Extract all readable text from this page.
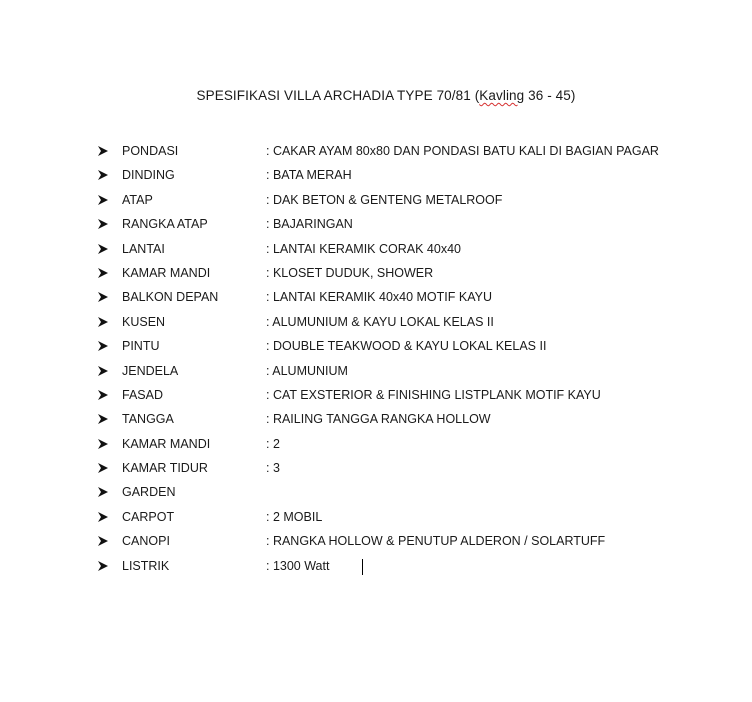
SPESIFIKASI VILLA ARCHADIA TYPE 70/81 (Kavling 36 - 45)
PONDASI	: CAKAR AYAM 80x80 DAN PONDASI BATU KALI DI BAGIAN PAGAR
DINDING	: BATA MERAH
ATAP	: DAK BETON & GENTENG METALROOF
RANGKA ATAP	: BAJARINGAN
LANTAI	: LANTAI KERAMIK CORAK 40x40
KAMAR MANDI	: KLOSET DUDUK, SHOWER
BALKON DEPAN	: LANTAI KERAMIK 40x40 MOTIF KAYU
KUSEN	: ALUMUNIUM & KAYU LOKAL KELAS II
PINTU	: DOUBLE TEAKWOOD & KAYU LOKAL KELAS II
JENDELA	: ALUMUNIUM
FASAD	: CAT EXSTERIOR & FINISHING LISTPLANK MOTIF KAYU
TANGGA	: RAILING TANGGA RANGKA HOLLOW
KAMAR MANDI	: 2
KAMAR TIDUR	: 3
GARDEN
CARPOT	: 2 MOBIL
CANOPI	: RANGKA HOLLOW & PENUTUP ALDERON / SOLARTUFF
LISTRIK	: 1300 Watt
